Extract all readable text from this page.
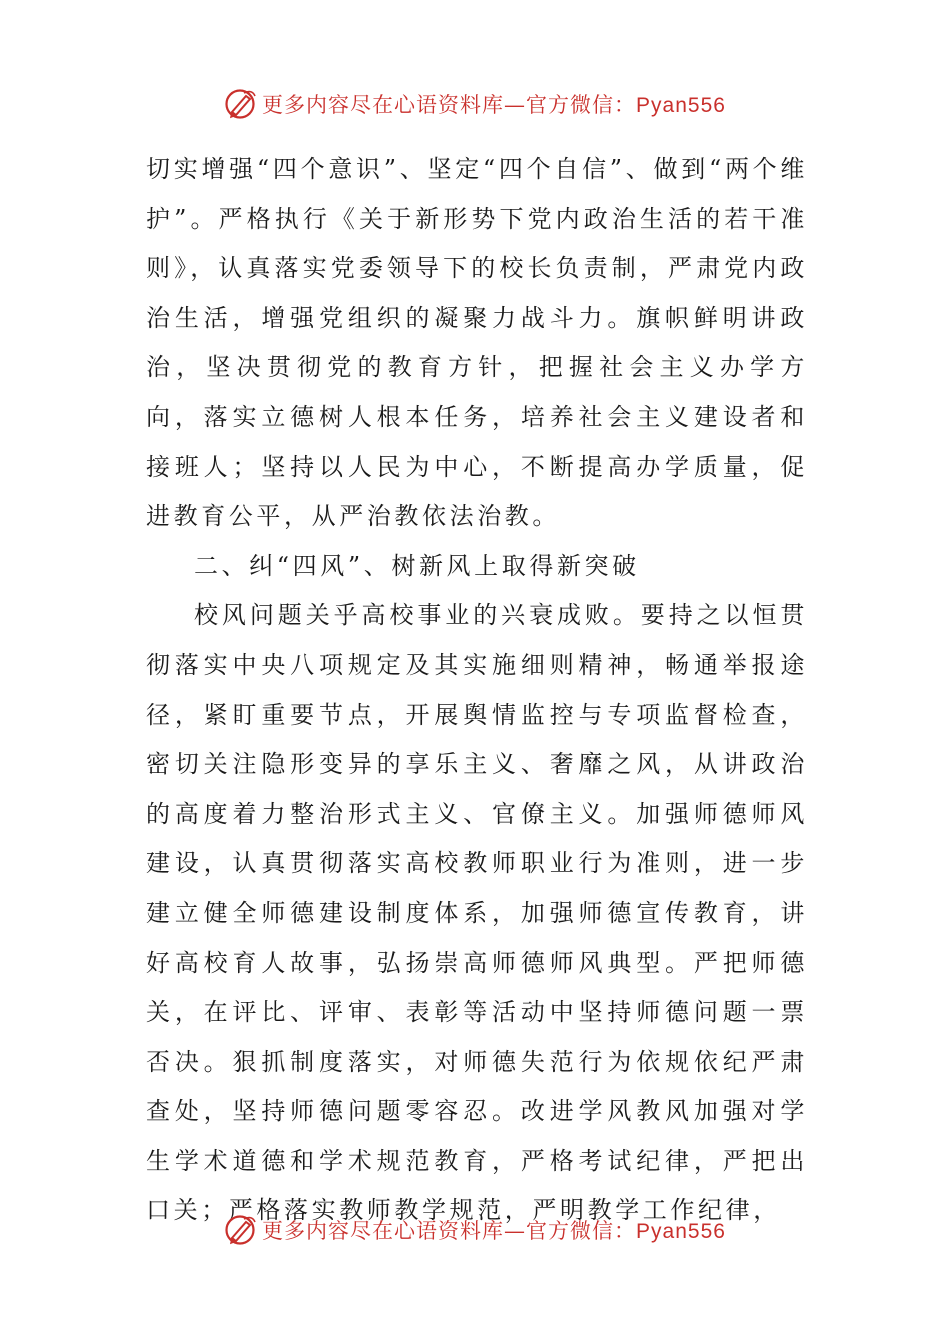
更多内容尽在心语资料库—官方微信：Pyan556

切实增强“四个意识”、坚定“四个自信”、做到“两个维护”。严格执行《关于新形势下党内政治生活的若干准则》，认真落实党委领导下的校长负责制，严肃党内政治生活，增强党组织的凝聚力战斗力。旗帜鲜明讲政治，坚决贯彻党的教育方针，把握社会主义办学方向，落实立德树人根本任务，培养社会主义建设者和接班人；坚持以人民为中心，不断提高办学质量，促进教育公平，从严治教依法治教。

二、纠“四风”、树新风上取得新突破

校风问题关乎高校事业的兴衰成败。要持之以恒贯彻落实中央八项规定及其实施细则精神，畅通举报途径，紧盯重要节点，开展舆情监控与专项监督检查，密切关注隐形变异的享乐主义、奢靡之风，从讲政治的高度着力整治形式主义、官僚主义。加强师德师风建设，认真贯彻落实高校教师职业行为准则，进一步建立健全师德建设制度体系，加强师德宣传教育，讲好高校育人故事，弘扬崇高师德师风典型。严把师德关，在评比、评审、表彰等活动中坚持师德问题一票否决。狠抓制度落实，对师德失范行为依规依纪严肃查处，坚持师德问题零容忍。改进学风教风加强对学生学术道德和学术规范教育，严格考试纪律，严把出口关；严格落实教师教学规范，严明教学工作纪律，

更多内容尽在心语资料库—官方微信：Pyan556
